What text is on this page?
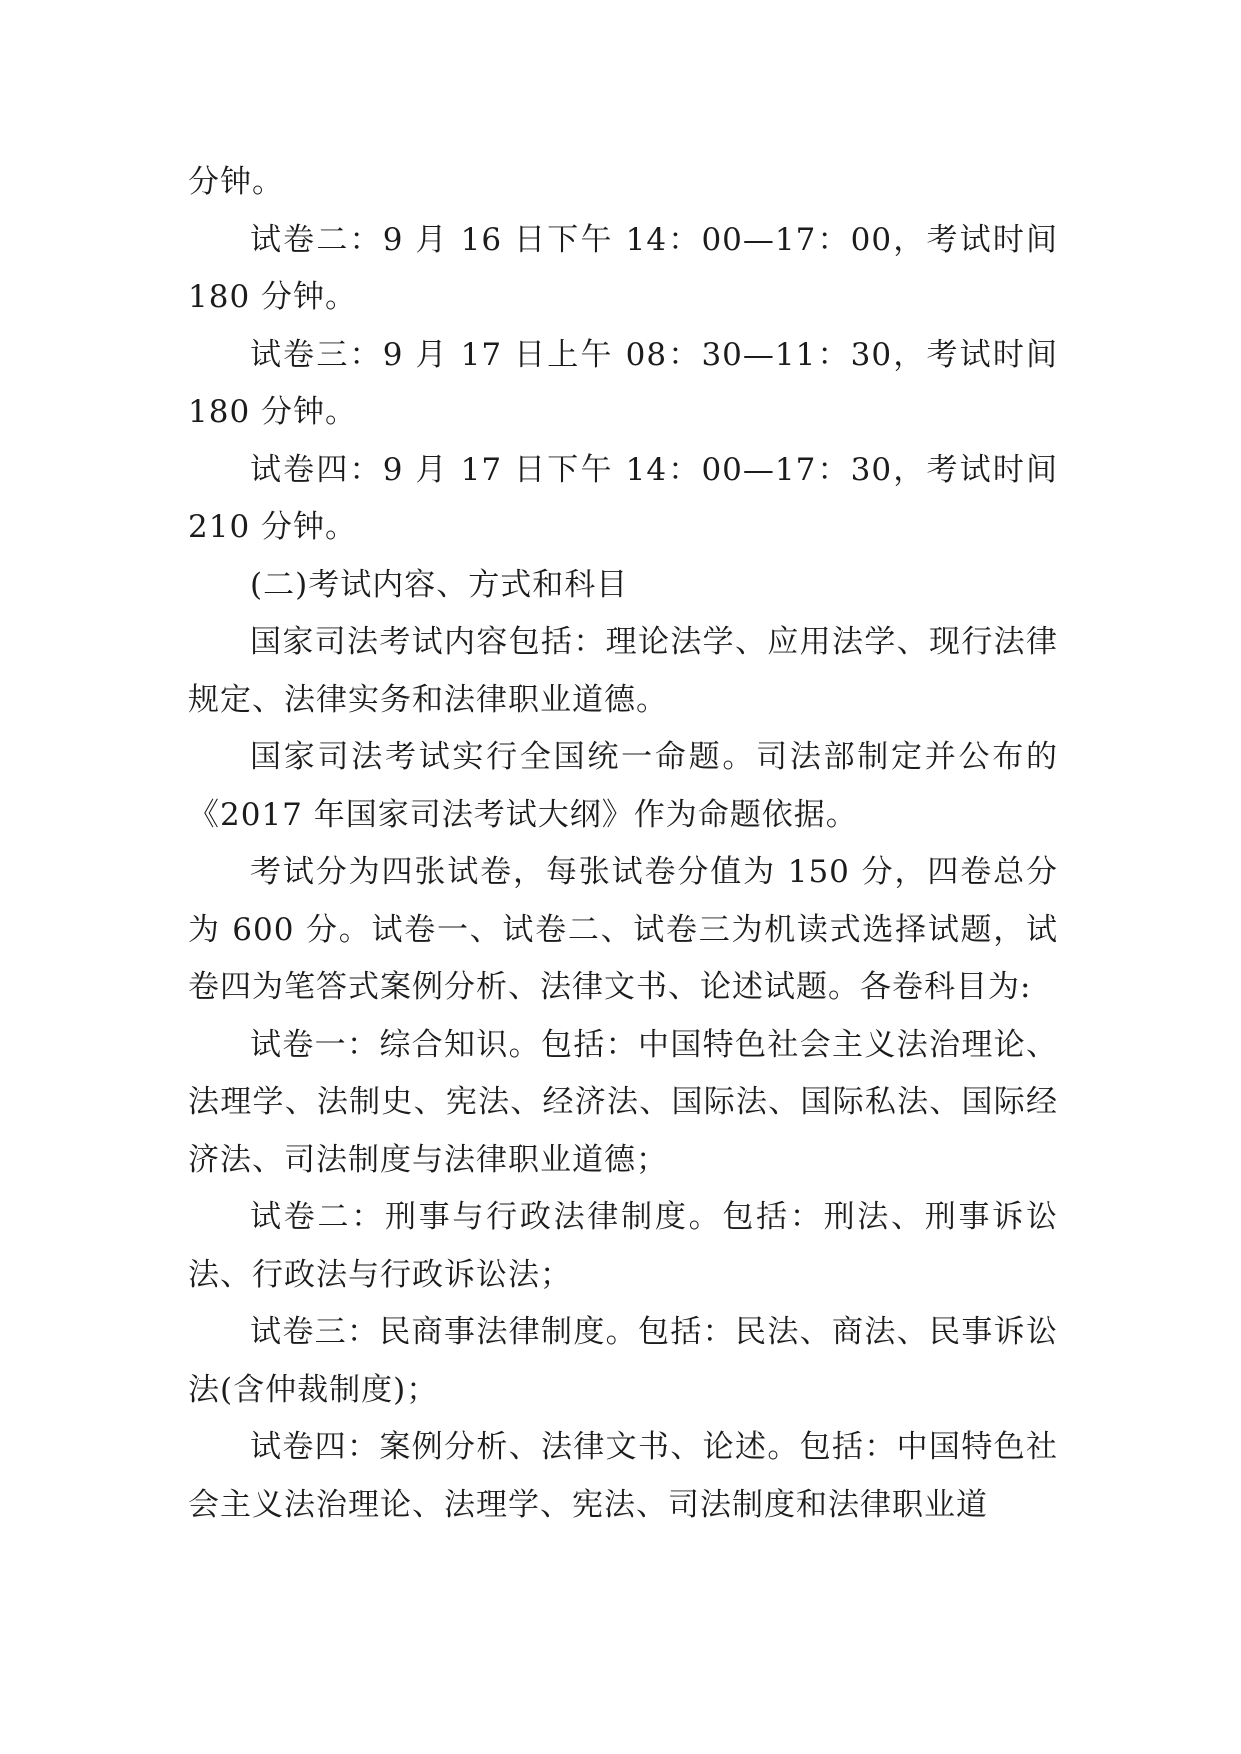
分钟。

试卷二：9 月 16 日下午 14：00—17：00，考试时间 180 分钟。

试卷三：9 月 17 日上午 08：30—11：30，考试时间 180 分钟。

试卷四：9 月 17 日下午 14：00—17：30，考试时间 210 分钟。

(二)考试内容、方式和科目

国家司法考试内容包括：理论法学、应用法学、现行法律规定、法律实务和法律职业道德。

国家司法考试实行全国统一命题。司法部制定并公布的《2017 年国家司法考试大纲》作为命题依据。

考试分为四张试卷，每张试卷分值为 150 分，四卷总分为 600 分。试卷一、试卷二、试卷三为机读式选择试题，试卷四为笔答式案例分析、法律文书、论述试题。各卷科目为:

试卷一：综合知识。包括：中国特色社会主义法治理论、法理学、法制史、宪法、经济法、国际法、国际私法、国际经济法、司法制度与法律职业道德；

试卷二：刑事与行政法律制度。包括：刑法、刑事诉讼法、行政法与行政诉讼法；

试卷三：民商事法律制度。包括：民法、商法、民事诉讼法(含仲裁制度)；

试卷四：案例分析、法律文书、论述。包括：中国特色社会主义法治理论、法理学、宪法、司法制度和法律职业道
